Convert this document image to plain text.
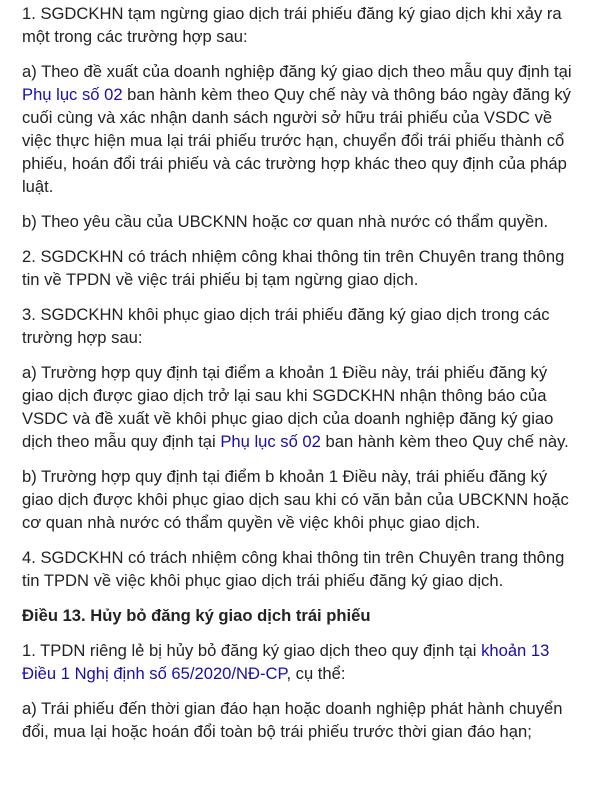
1. SGDCKHN tạm ngừng giao dịch trái phiếu đăng ký giao dịch khi xảy ra một trong các trường hợp sau:

a) Theo đề xuất của doanh nghiệp đăng ký giao dịch theo mẫu quy định tại Phụ lục số 02 ban hành kèm theo Quy chế này và thông báo ngày đăng ký cuối cùng và xác nhận danh sách người sở hữu trái phiếu của VSDC về việc thực hiện mua lại trái phiếu trước hạn, chuyển đổi trái phiếu thành cổ phiếu, hoán đổi trái phiếu và các trường hợp khác theo quy định của pháp luật.

b) Theo yêu cầu của UBCKNN hoặc cơ quan nhà nước có thẩm quyền.

2. SGDCKHN có trách nhiệm công khai thông tin trên Chuyên trang thông tin về TPDN về việc trái phiếu bị tạm ngừng giao dịch.

3. SGDCKHN khôi phục giao dịch trái phiếu đăng ký giao dịch trong các trường hợp sau:

a) Trường hợp quy định tại điểm a khoản 1 Điều này, trái phiếu đăng ký giao dịch được giao dịch trở lại sau khi SGDCKHN nhận thông báo của VSDC và đề xuất về khôi phục giao dịch của doanh nghiệp đăng ký giao dịch theo mẫu quy định tại Phụ lục số 02 ban hành kèm theo Quy chế này.

b) Trường hợp quy định tại điểm b khoản 1 Điều này, trái phiếu đăng ký giao dịch được khôi phục giao dịch sau khi có văn bản của UBCKNN hoặc cơ quan nhà nước có thẩm quyền về việc khôi phục giao dịch.

4. SGDCKHN có trách nhiệm công khai thông tin trên Chuyên trang thông tin TPDN về việc khôi phục giao dịch trái phiếu đăng ký giao dịch.

Điều 13. Hủy bỏ đăng ký giao dịch trái phiếu

1. TPDN riêng lẻ bị hủy bỏ đăng ký giao dịch theo quy định tại khoản 13 Điều 1 Nghị định số 65/2020/NĐ-CP, cụ thể:

a) Trái phiếu đến thời gian đáo hạn hoặc doanh nghiệp phát hành chuyển đổi, mua lại hoặc hoán đổi toàn bộ trái phiếu trước thời gian đáo hạn;
